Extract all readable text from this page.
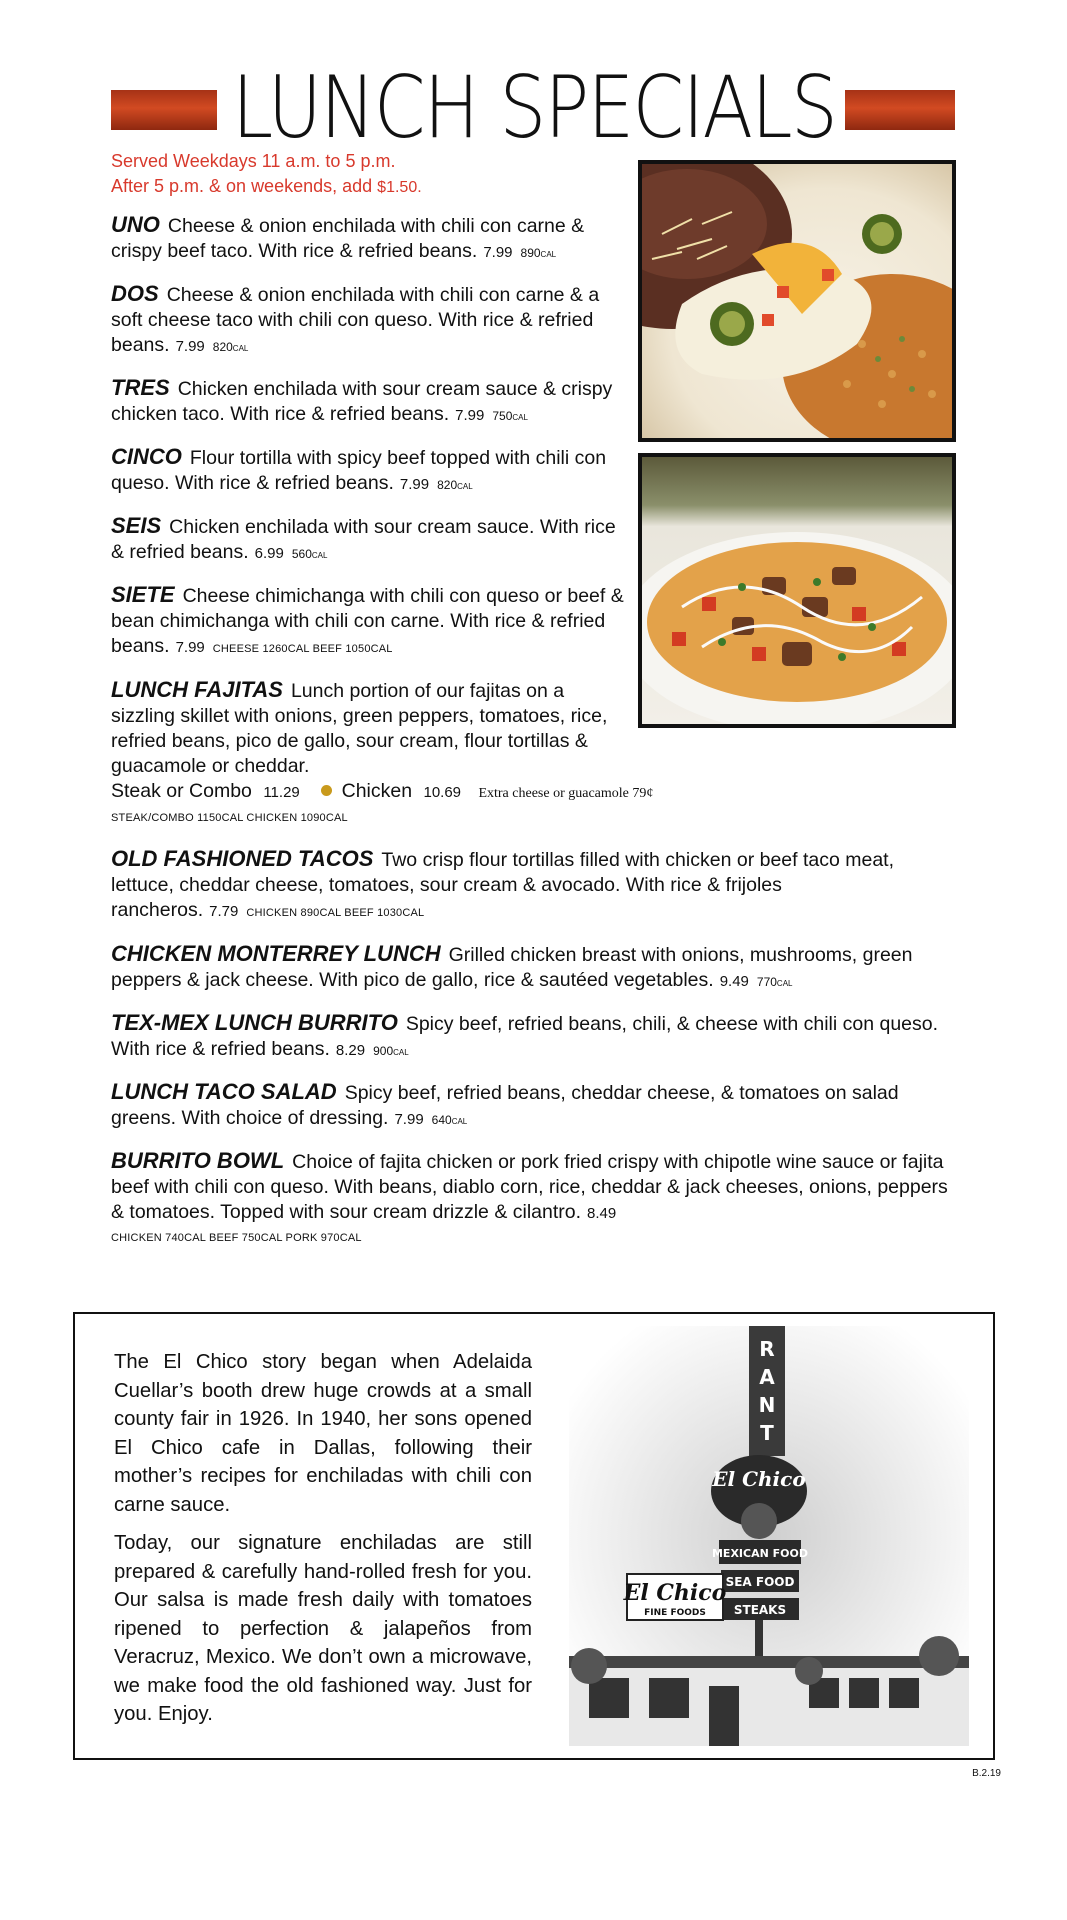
LUNCH SPECIALS
Served Weekdays 11 a.m. to 5 p.m.
After 5 p.m. & on weekends, add $1.50.
UNO Cheese & onion enchilada with chili con carne & crispy beef taco. With rice & refried beans. 7.99 890cal
DOS Cheese & onion enchilada with chili con carne & a soft cheese taco with chili con queso. With rice & refried beans. 7.99 820cal
TRES Chicken enchilada with sour cream sauce & crispy chicken taco. With rice & refried beans. 7.99 750cal
CINCO Flour tortilla with spicy beef topped with chili con queso. With rice & refried beans. 7.99 820cal
SEIS Chicken enchilada with sour cream sauce. With rice & refried beans. 6.99 560cal
SIETE Cheese chimichanga with chili con queso or beef & bean chimichanga with chili con carne. With rice & refried beans. 7.99 CHEESE 1260CAL BEEF 1050CAL
LUNCH FAJITAS Lunch portion of our fajitas on a sizzling skillet with onions, green peppers, tomatoes, rice, refried beans, pico de gallo, sour cream, flour tortillas & guacamole or cheddar.
Steak or Combo 11.29 Chicken 10.69 Extra cheese or guacamole 79¢
STEAK/COMBO 1150CAL CHICKEN 1090CAL
OLD FASHIONED TACOS Two crisp flour tortillas filled with chicken or beef taco meat, lettuce, cheddar cheese, tomatoes, sour cream & avocado. With rice & frijoles rancheros. 7.79 CHICKEN 890CAL BEEF 1030CAL
CHICKEN MONTERREY LUNCH Grilled chicken breast with onions, mushrooms, green peppers & jack cheese. With pico de gallo, rice & sautéed vegetables. 9.49 770cal
TEX-MEX LUNCH BURRITO Spicy beef, refried beans, chili, & cheese with chili con queso. With rice & refried beans. 8.29 900cal
LUNCH TACO SALAD Spicy beef, refried beans, cheddar cheese, & tomatoes on salad greens. With choice of dressing. 7.99 640cal
BURRITO BOWL Choice of fajita chicken or pork fried crispy with chipotle wine sauce or fajita beef with chili con queso. With beans, diablo corn, rice, cheddar & jack cheeses, onions, peppers & tomatoes. Topped with sour cream drizzle & cilantro. 8.49
CHICKEN 740CAL BEEF 750CAL PORK 970CAL

The El Chico story began when Adelaida Cuellar’s booth drew huge crowds at a small county fair in 1926. In 1940, her sons opened El Chico cafe in Dallas, following their mother’s recipes for enchiladas with chili con carne sauce.

Today, our signature enchiladas are still prepared & carefully hand-rolled fresh for you. Our salsa is made fresh daily with tomatoes ripened to perfection & jalapeños from Veracruz, Mexico. We don’t own a microwave, we make food the old fashioned way. Just for you. Enjoy.

R
A
N
T
El Chico
MEXICAN FOOD
SEA FOOD
STEAKS
El Chico
FINE FOODS
B.2.19
